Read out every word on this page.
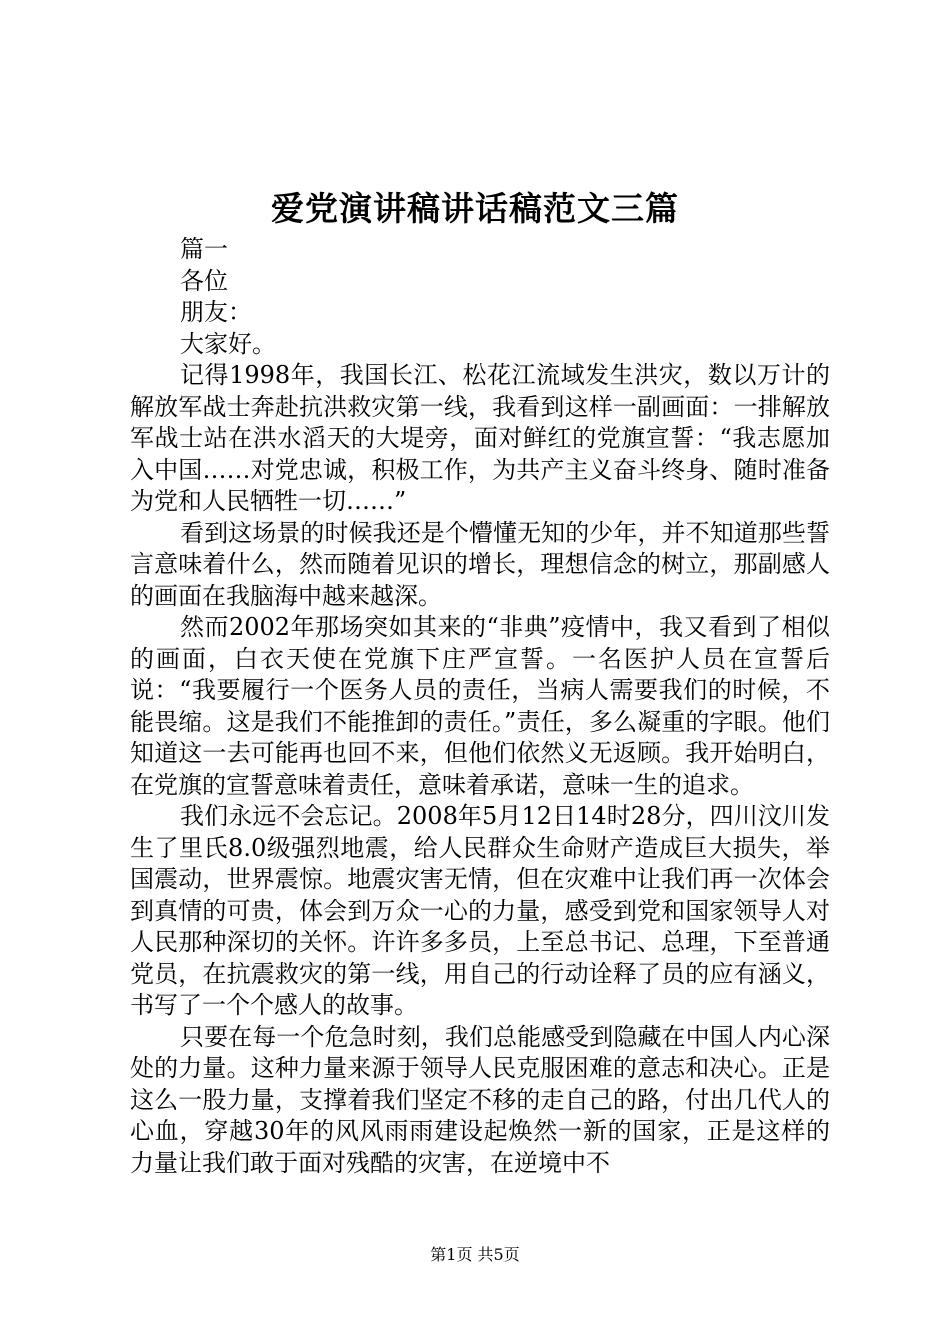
爱党演讲稿讲话稿范文三篇

篇一

各位

朋友：

大家好。

记得1998年，我国长江、松花江流域发生洪灾，数以万计的解放军战士奔赴抗洪救灾第一线，我看到这样一副画面：一排解放军战士站在洪水滔天的大堤旁，面对鲜红的党旗宣誓：“我志愿加入中国……对党忠诚，积极工作，为共产主义奋斗终身、随时准备为党和人民牺牲一切……”

看到这场景的时候我还是个懵懂无知的少年，并不知道那些誓言意味着什么，然而随着见识的增长，理想信念的树立，那副感人的画面在我脑海中越来越深。

然而2002年那场突如其来的“非典”疫情中，我又看到了相似的画面，白衣天使在党旗下庄严宣誓。一名医护人员在宣誓后说：“我要履行一个医务人员的责任，当病人需要我们的时候，不能畏缩。这是我们不能推卸的责任。”责任，多么凝重的字眼。他们知道这一去可能再也回不来，但他们依然义无返顾。我开始明白，在党旗的宣誓意味着责任，意味着承诺，意味一生的追求。

我们永远不会忘记。2008年5月12日14时28分，四川汶川发生了里氏8.0级强烈地震，给人民群众生命财产造成巨大损失，举国震动，世界震惊。地震灾害无情，但在灾难中让我们再一次体会到真情的可贵，体会到万众一心的力量，感受到党和国家领导人对人民那种深切的关怀。许许多多员，上至总书记、总理，下至普通党员，在抗震救灾的第一线，用自己的行动诠释了员的应有涵义，书写了一个个感人的故事。

只要在每一个危急时刻，我们总能感受到隐藏在中国人内心深处的力量。这种力量来源于领导人民克服困难的意志和决心。正是这么一股力量，支撑着我们坚定不移的走自己的路，付出几代人的心血，穿越30年的风风雨雨建设起焕然一新的国家，正是这样的力量让我们敢于面对残酷的灾害，在逆境中不

第1页 共5页
